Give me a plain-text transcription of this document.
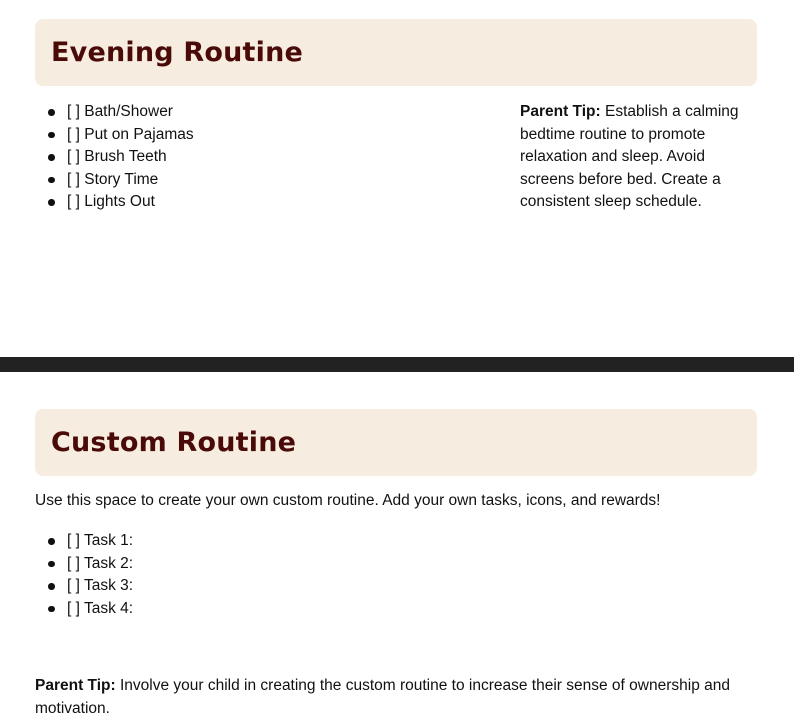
Evening Routine
[ ] Bath/Shower
[ ] Put on Pajamas
[ ] Brush Teeth
[ ] Story Time
[ ] Lights Out

Parent Tip: Establish a calming bedtime routine to promote relaxation and sleep. Avoid screens before bed. Create a consistent sleep schedule.

Custom Routine

Use this space to create your own custom routine. Add your own tasks, icons, and rewards!

[ ] Task 1:
[ ] Task 2:
[ ] Task 3:
[ ] Task 4:

Parent Tip: Involve your child in creating the custom routine to increase their sense of ownership and motivation.
